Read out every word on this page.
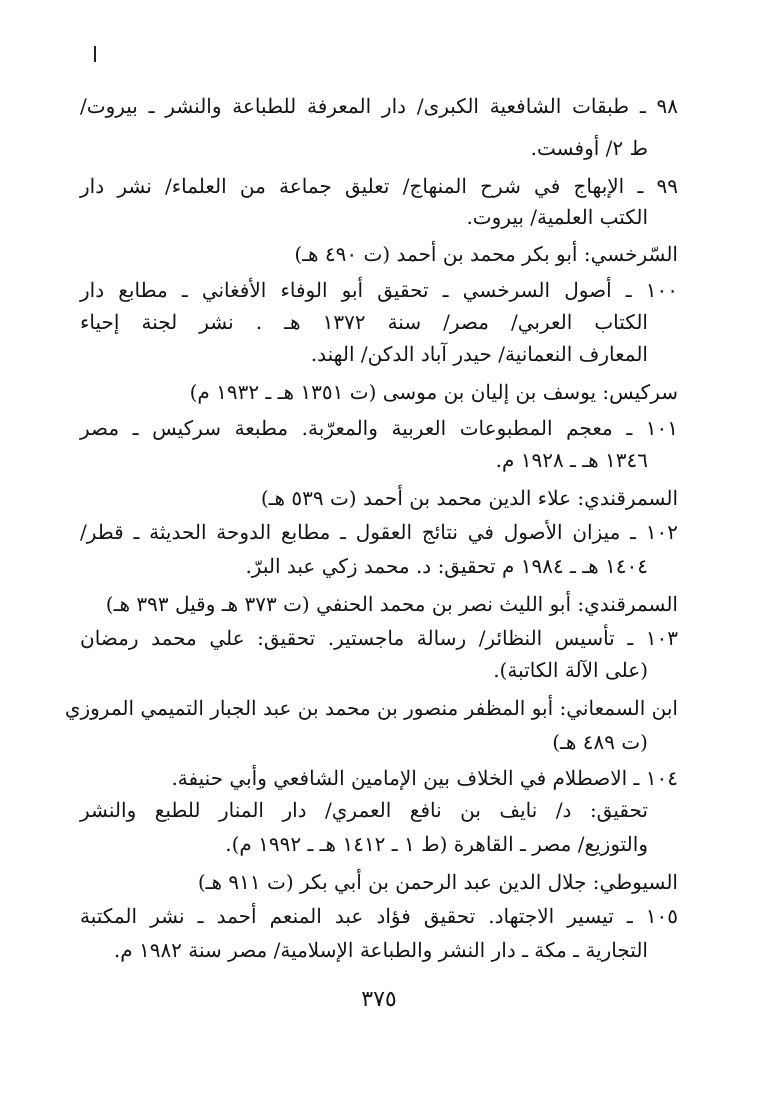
٩٨ ـ طبقات الشافعية الكبرى/ دار المعرفة للطباعة والنشر ـ بيروت/
ط ٢/ أوفست.
٩٩ ـ الإبهاج في شرح المنهاج/ تعليق جماعة من العلماء/ نشر دار
الكتب العلمية/ بيروت.
السّرخسي: أبو بكر محمد بن أحمد (ت ٤٩٠ هـ)
١٠٠ ـ أصول السرخسي ـ تحقيق أبو الوفاء الأفغاني ـ مطابع دار
الكتاب العربي/ مصر/ سنة ١٣٧٢ هـ . نشر لجنة إحياء
المعارف النعمانية/ حيدر آباد الدكن/ الهند.
سركيس: يوسف بن إليان بن موسى (ت ١٣٥١ هـ ـ ١٩٣٢ م)
١٠١ ـ معجم المطبوعات العربية والمعرّبة. مطبعة سركيس ـ مصر
١٣٤٦ هـ ـ ١٩٢٨ م.
السمرقندي: علاء الدين محمد بن أحمد (ت ٥٣٩ هـ)
١٠٢ ـ ميزان الأصول في نتائج العقول ـ مطابع الدوحة الحديثة ـ قطر/
١٤٠٤ هـ ـ ١٩٨٤ م تحقيق: د. محمد زكي عبد البرّ.
السمرقندي: أبو الليث نصر بن محمد الحنفي (ت ٣٧٣ هـ وقيل ٣٩٣ هـ)
١٠٣ ـ تأسيس النظائر/ رسالة ماجستير. تحقيق: علي محمد رمضان
(على الآلة الكاتبة).
ابن السمعاني: أبو المظفر منصور بن محمد بن عبد الجبار التميمي المروزي
(ت ٤٨٩ هـ)
١٠٤ ـ الاصطلام في الخلاف بين الإمامين الشافعي وأبي حنيفة.
تحقيق: د/ نايف بن نافع العمري/ دار المنار للطبع والنشر
والتوزيع/ مصر ـ القاهرة (ط ١ ـ ١٤١٢ هـ ـ ١٩٩٢ م).
السيوطي: جلال الدين عبد الرحمن بن أبي بكر (ت ٩١١ هـ)
١٠٥ ـ تيسير الاجتهاد. تحقيق فؤاد عبد المنعم أحمد ـ نشر المكتبة
التجارية ـ مكة ـ دار النشر والطباعة الإسلامية/ مصر سنة ١٩٨٢ م.
٣٧٥
